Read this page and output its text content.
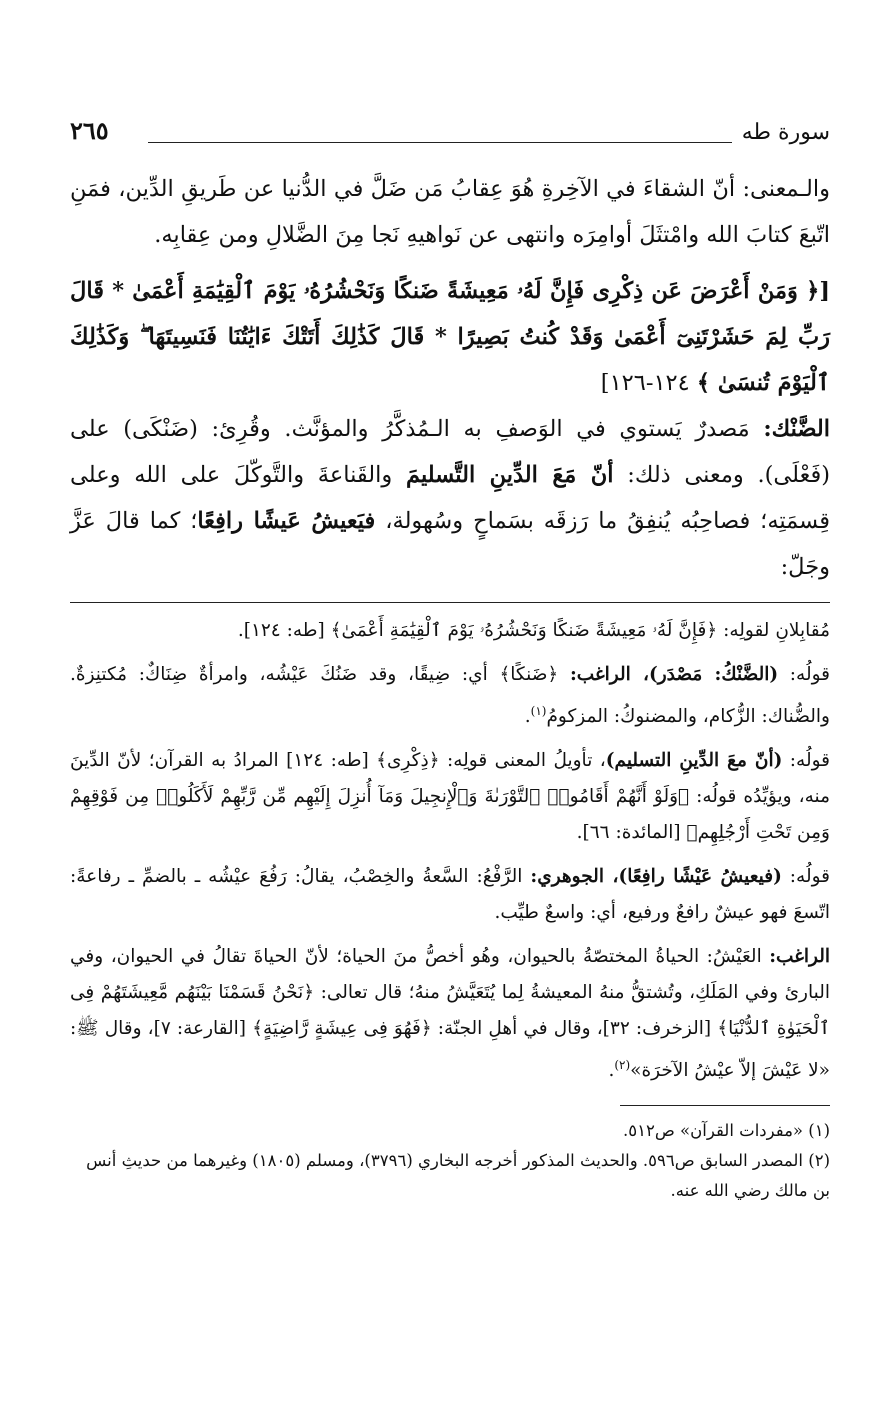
سورة طه
٢٦٥

والـمعنى: أنّ الشقاءَ في الآخِرةِ هُوَ عِقابُ مَن ضَلَّ في الدُّنيا عن طَريقِ الدِّين، فمَنِ اتّبعَ كتابَ الله وامْتثَلَ أوامِرَه وانتهى عن نَواهيهِ نَجا مِنَ الضَّلالِ ومن عِقابِه.

[﴿ وَمَنْ أَعْرَضَ عَن ذِكْرِى فَإِنَّ لَهُۥ مَعِيشَةً ضَنكًا وَنَحْشُرُهُۥ يَوْمَ ٱلْقِيَٰمَةِ أَعْمَىٰ * قَالَ رَبِّ لِمَ حَشَرْتَنِىٓ أَعْمَىٰ وَقَدْ كُنتُ بَصِيرًا * قَالَ كَذَٰلِكَ أَتَتْكَ ءَايَٰتُنَا فَنَسِيتَهَا ۖ وَكَذَٰلِكَ ٱلْيَوْمَ تُنسَىٰ ﴾ ١٢٤-١٢٦]

الضَّنْك: مَصدرٌ يَستوي في الوَصفِ به الـمُذكَّرُ والمؤنَّث. وقُرِئ: (ضَنْكَى) على (فَعْلَى). ومعنى ذلك: أنّ مَعَ الدِّينِ التَّسليمَ والقَناعةَ والتَّوكّلَ على الله وعلى قِسمَتِه؛ فصاحِبُه يُنفِقُ ما رَزقَه بسَماحٍ وسُهولة، فيَعيشُ عَيشًا رافِعًا؛ كما قالَ عَزَّ وجَلّ:

مُقابِلانِ لقولِه: ﴿فَإِنَّ لَهُۥ مَعِيشَةً ضَنكًا وَنَحْشُرُهُۥ يَوْمَ ٱلْقِيَٰمَةِ أَعْمَىٰ﴾ [طه: ١٢٤].

قولُه: (الضَّنْكُ: مَصْدَر)، الراغب: ﴿ضَنكًا﴾ أي: ضِيقًا، وقد ضَنُكَ عَيْشُه، وامرأةٌ ضِنَاكٌ: مُكتنِزةٌ. والضُّناك: الزُّكام، والمضنوكُ: المزكومُ$^{(١)}$.

قولُه: (أنّ معَ الدِّينِ التسليم)، تأويلُ المعنى قولِه: ﴿ذِكْرِى﴾ [طه: ١٢٤] المرادُ به القرآن؛ لأنّ الدِّينَ منه، ويؤيِّدُه قولُه: ﴿وَلَوْ أَنَّهُمْ أَقَامُوا۟ ٱلتَّوْرَىٰةَ وَٱلْإِنجِيلَ وَمَآ أُنزِلَ إِلَيْهِم مِّن رَّبِّهِمْ لَأَكَلُوا۟ مِن فَوْقِهِمْ وَمِن تَحْتِ أَرْجُلِهِم﴾ [المائدة: ٦٦].

قولُه: (فيعيشُ عَيْشًا رافِعًا)، الجوهري: الرَّفْعُ: السَّعةُ والخِصْبُ، يقالُ: رَفُعَ عيْشُه ـ بالضمِّ ـ رفاعةً: اتّسعَ فهو عيشٌ رافعٌ ورفيع، أي: واسعٌ طيِّب.

الراغب: العَيْشُ: الحياةُ المختصّةُ بالحيوان، وهُو أخصُّ منَ الحياة؛ لأنّ الحياةَ تقالُ في الحيوان، وفي البارئ وفي المَلَكِ، وتُشتقُّ منهُ المعيشةُ لِما يُتَعَيَّشُ منهُ؛ قال تعالى: ﴿نَحْنُ قَسَمْنَا بَيْنَهُم مَّعِيشَتَهُمْ فِى ٱلْحَيَوٰةِ ٱلدُّنْيَا﴾ [الزخرف: ٣٢]، وقال في أهلِ الجنّة: ﴿فَهُوَ فِى عِيشَةٍ رَّاضِيَةٍ﴾ [القارعة: ٧]، وقال ﷺ: «لا عَيْشَ إلاّ عيْشُ الآخرَة»$^{(٢)}$.

(١) «مفردات القرآن» ص٥١٢.

(٢) المصدر السابق ص٥٩٦. والحديث المذكور أخرجه البخاري (٣٧٩٦)، ومسلم (١٨٠٥) وغيرهما من حديثِ أنس بن مالك رضي الله عنه.
